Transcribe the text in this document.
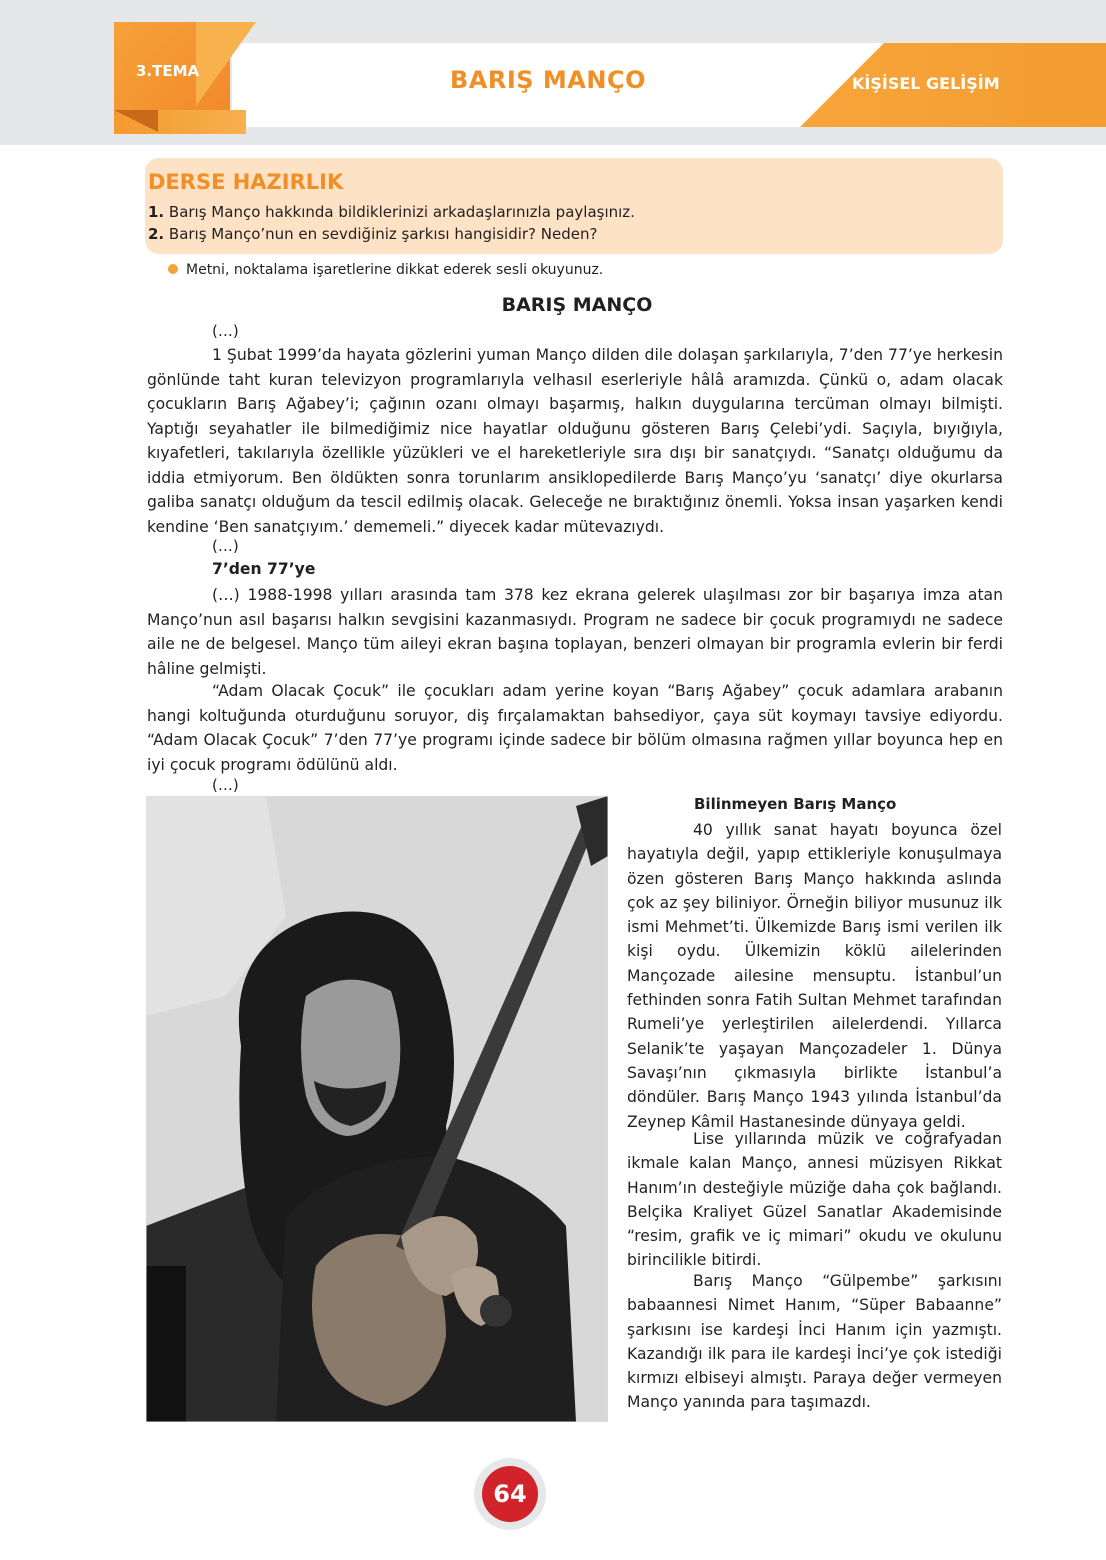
3.TEMA	BARIŞ MANÇO	KİŞİSEL GELİŞİM
DERSE HAZIRLIK
1. Barış Manço hakkında bildiklerinizi arkadaşlarınızla paylaşınız.
2. Barış Manço’nun en sevdiğiniz şarkısı hangisidir? Neden?
Metni, noktalama işaretlerine dikkat ederek sesli okuyunuz.
BARIŞ MANÇO
(…)

1 Şubat 1999’da hayata gözlerini yuman Manço dilden dile dolaşan şarkılarıyla, 7’den 77’ye herkesin gönlünde taht kuran televizyon programlarıyla velhasıl eserleriyle hâlâ aramızda. Çünkü o, adam olacak çocukların Barış Ağabey’i; çağının ozanı olmayı başarmış, halkın duygularına tercüman olmayı bilmişti. Yaptığı seyahatler ile bilmediğimiz nice hayatlar olduğunu gösteren Barış Çelebi’ydi. Saçıyla, bıyığıyla, kıyafetleri, takılarıyla özellikle yüzükleri ve el hareketleriyle sıra dışı bir sanatçıydı. “Sanatçı olduğumu da iddia etmiyorum. Ben öldükten sonra torunlarım ansiklopedilerde Barış Manço’yu ‘sanatçı’ diye okurlarsa galiba sanatçı olduğum da tescil edilmiş olacak. Geleceğe ne bıraktığınız önemli. Yoksa insan yaşarken kendi kendine ‘Ben sanatçıyım.’ dememeli.” diyecek kadar mütevazıydı.

(…)
7’den 77’ye

(…) 1988-1998 yılları arasında tam 378 kez ekrana gelerek ulaşılması zor bir başarıya imza atan Manço’nun asıl başarısı halkın sevgisini kazanmasıydı. Program ne sadece bir çocuk programıydı ne sadece aile ne de belgesel. Manço tüm aileyi ekran başına toplayan, benzeri olmayan bir programla evlerin bir ferdi hâline gelmişti.

“Adam Olacak Çocuk” ile çocukları adam yerine koyan “Barış Ağabey” çocuk adamlara arabanın hangi koltuğunda oturduğunu soruyor, diş fırçalamaktan bahsediyor, çaya süt koymayı tavsiye ediyordu. “Adam Olacak Çocuk” 7’den 77’ye programı içinde sadece bir bölüm olmasına rağmen yıllar boyunca hep en iyi çocuk programı ödülünü aldı.

(…)
Bilinmeyen Barış Manço

40 yıllık sanat hayatı boyunca özel hayatıyla değil, yapıp ettikleriyle konuşulmaya özen gösteren Barış Manço hakkında aslında çok az şey biliniyor. Örneğin biliyor musunuz ilk ismi Mehmet’ti. Ülkemizde Barış ismi verilen ilk kişi oydu. Ülkemizin köklü ailelerinden Mançozade ailesine mensuptu. İstanbul’un fethinden sonra Fatih Sultan Mehmet tarafından Rumeli’ye yerleştirilen ailelerdendi. Yıllarca Selanik’te yaşayan Mançozadeler 1. Dünya Savaşı’nın çıkmasıyla birlikte İstanbul’a döndüler. Barış Manço 1943 yılında İstanbul’da Zeynep Kâmil Hastanesinde dünyaya geldi.

Lise yıllarında müzik ve coğrafyadan ikmale kalan Manço, annesi müzisyen Rikkat Hanım’ın desteğiyle müziğe daha çok bağlandı. Belçika Kraliyet Güzel Sanatlar Akademisinde “resim, grafik ve iç mimari” okudu ve okulunu birincilikle bitirdi.

Barış Manço “Gülpembe” şarkısını babaannesi Nimet Hanım, “Süper Babaanne” şarkısını ise kardeşi İnci Hanım için yazmıştı. Kazandığı ilk para ile kardeşi İnci’ye çok istediği kırmızı elbiseyi almıştı. Paraya değer vermeyen Manço yanında para taşımazdı.

64
